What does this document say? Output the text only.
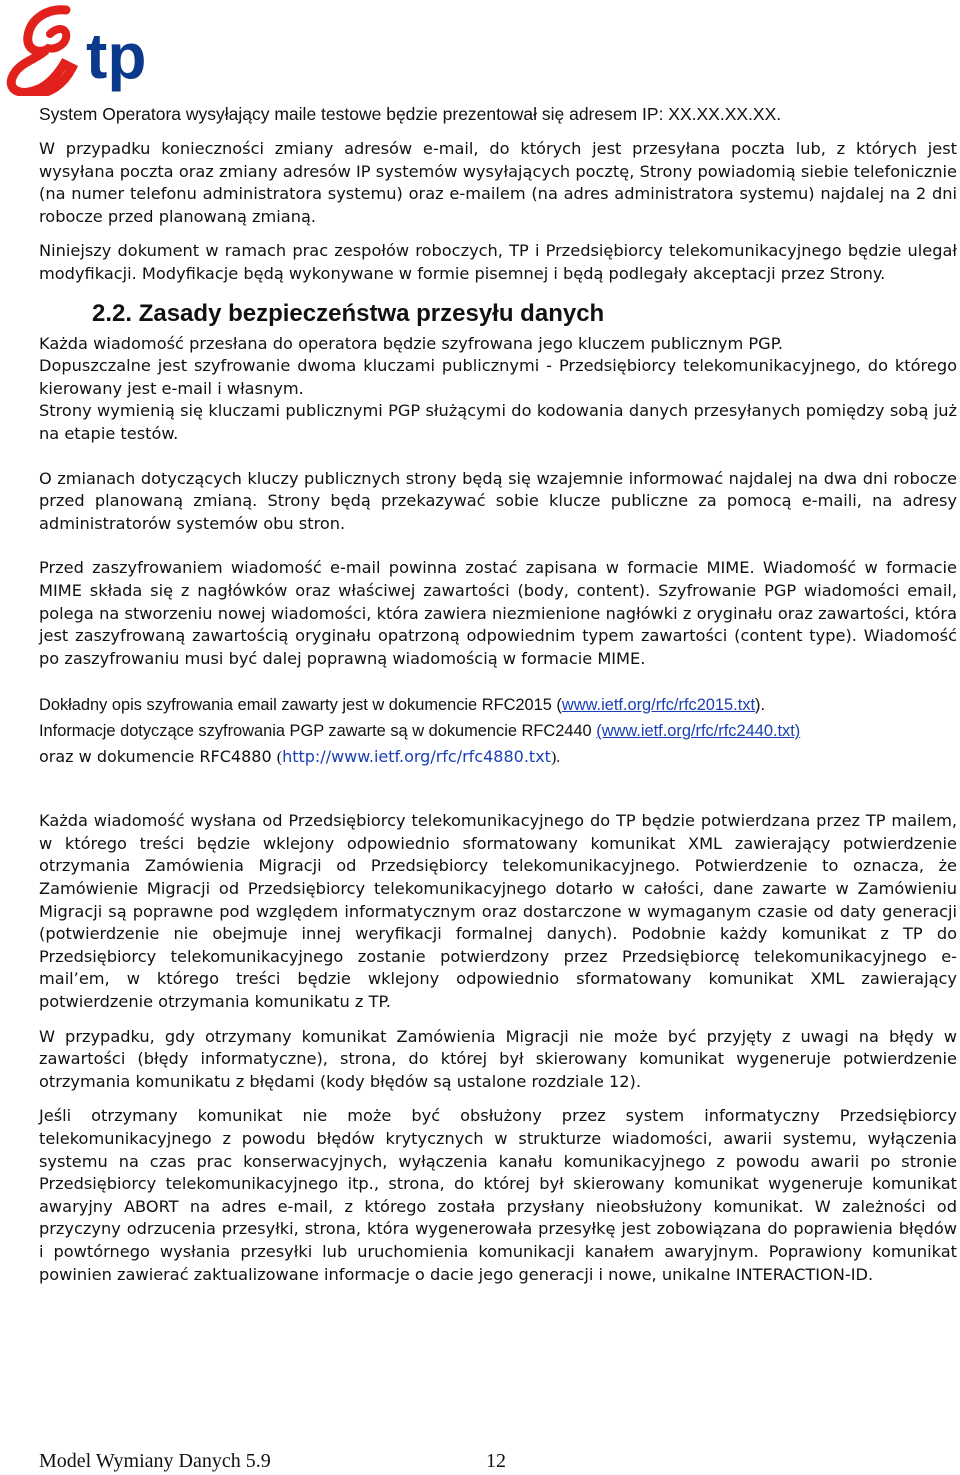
tp

System Operatora wysyłający maile testowe będzie prezentował się adresem IP: XX.XX.XX.XX.

W przypadku konieczności zmiany adresów e-mail, do których jest przesyłana poczta lub, z których jest wysyłana poczta oraz zmiany adresów IP systemów wysyłających pocztę, Strony powiadomią siebie telefonicznie (na numer telefonu administratora systemu) oraz e-mailem (na adres administratora systemu) najdalej na 2 dni robocze przed planowaną zmianą.

Niniejszy dokument w ramach prac zespołów roboczych, TP i Przedsiębiorcy telekomunikacyjnego będzie ulegał modyfikacji. Modyfikacje będą wykonywane w formie pisemnej i będą podlegały akceptacji przez Strony.

2.2. Zasady bezpieczeństwa przesyłu danych

Każda wiadomość przesłana do operatora będzie szyfrowana jego kluczem publicznym PGP.

Dopuszczalne jest szyfrowanie dwoma kluczami publicznymi - Przedsiębiorcy telekomunikacyjnego, do którego kierowany jest e-mail i własnym.

Strony wymienią się kluczami publicznymi PGP służącymi do kodowania danych przesyłanych pomiędzy sobą już na etapie testów.

O zmianach dotyczących kluczy publicznych strony będą się wzajemnie informować najdalej na dwa dni robocze przed planowaną zmianą. Strony będą przekazywać sobie klucze publiczne za pomocą e-maili, na adresy administratorów systemów obu stron.

Przed zaszyfrowaniem wiadomość e-mail powinna zostać zapisana w formacie MIME. Wiadomość w formacie MIME składa się z nagłówków oraz właściwej zawartości (body, content). Szyfrowanie PGP wiadomości email, polega na stworzeniu nowej wiadomości, która zawiera niezmienione nagłówki z oryginału oraz zawartości, która jest zaszyfrowaną zawartością oryginału opatrzoną odpowiednim typem zawartości (content type). Wiadomość po zaszyfrowaniu musi być dalej poprawną wiadomością w formacie MIME.

Dokładny opis szyfrowania email zawarty jest w dokumencie RFC2015 (www.ietf.org/rfc/rfc2015.txt).
Informacje dotyczące szyfrowania PGP zawarte są w dokumencie RFC2440 (www.ietf.org/rfc/rfc2440.txt)
oraz w dokumencie RFC4880 (http://www.ietf.org/rfc/rfc4880.txt).

Każda wiadomość wysłana od Przedsiębiorcy telekomunikacyjnego do TP będzie potwierdzana przez TP mailem, w którego treści będzie wklejony odpowiednio sformatowany komunikat XML zawierający potwierdzenie otrzymania Zamówienia Migracji od Przedsiębiorcy telekomunikacyjnego. Potwierdzenie to oznacza, że Zamówienie Migracji od Przedsiębiorcy telekomunikacyjnego dotarło w całości, dane zawarte w Zamówieniu Migracji są poprawne pod względem informatycznym oraz dostarczone w wymaganym czasie od daty generacji (potwierdzenie nie obejmuje innej weryfikacji formalnej danych). Podobnie każdy komunikat z TP do Przedsiębiorcy telekomunikacyjnego zostanie potwierdzony przez Przedsiębiorcę telekomunikacyjnego e-mail’em, w którego treści będzie wklejony odpowiednio sformatowany komunikat XML zawierający potwierdzenie otrzymania komunikatu z TP.

W przypadku, gdy otrzymany komunikat Zamówienia Migracji nie może być przyjęty z uwagi na błędy w zawartości (błędy informatyczne), strona, do której był skierowany komunikat wygeneruje potwierdzenie otrzymania komunikatu z błędami (kody błędów są ustalone rozdziale 12).

Jeśli otrzymany komunikat nie może być obsłużony przez system informatyczny Przedsiębiorcy telekomunikacyjnego z powodu błędów krytycznych w strukturze wiadomości, awarii systemu, wyłączenia systemu na czas prac konserwacyjnych, wyłączenia kanału komunikacyjnego z powodu awarii po stronie Przedsiębiorcy telekomunikacyjnego itp., strona, do której był skierowany komunikat wygeneruje komunikat awaryjny ABORT na adres e-mail, z którego została przysłany nieobsłużony komunikat. W zależności od przyczyny odrzucenia przesyłki, strona, która wygenerowała przesyłkę jest zobowiązana do poprawienia błędów i powtórnego wysłania przesyłki lub uruchomienia komunikacji kanałem awaryjnym. Poprawiony komunikat powinien zawierać zaktualizowane informacje o dacie jego generacji i nowe, unikalne INTERACTION-ID.

Model Wymiany Danych 5.9	12
